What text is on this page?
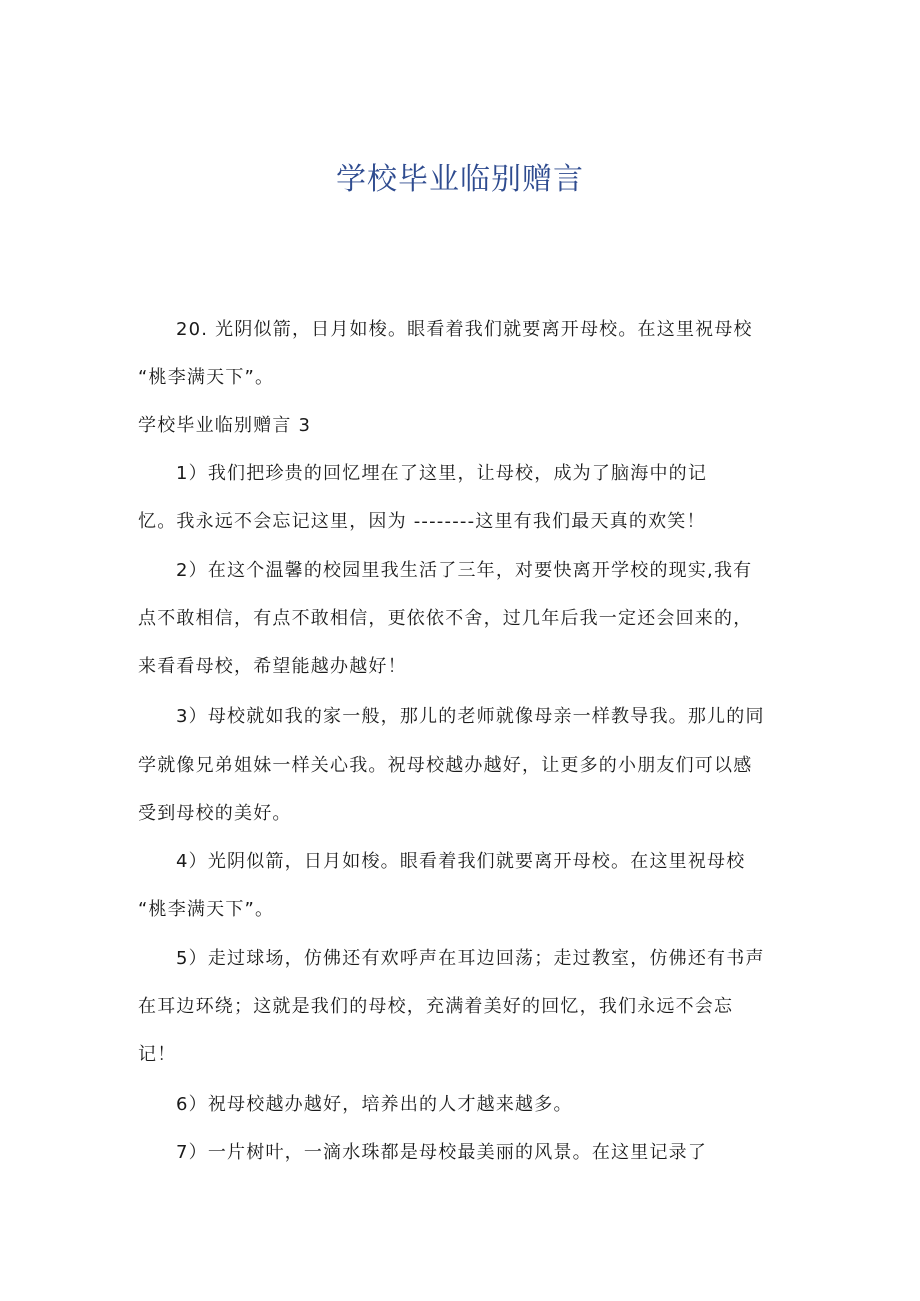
学校毕业临别赠言
20. 光阴似箭，日月如梭。眼看着我们就要离开母校。在这里祝母校
“桃李满天下”。
学校毕业临别赠言 3
1）我们把珍贵的回忆埋在了这里，让母校，成为了脑海中的记
忆。我永远不会忘记这里，因为 --------这里有我们最天真的欢笑！
2）在这个温馨的校园里我生活了三年，对要快离开学校的现实,我有
点不敢相信，有点不敢相信，更依依不舍，过几年后我一定还会回来的，
来看看母校，希望能越办越好！
3）母校就如我的家一般，那儿的老师就像母亲一样教导我。那儿的同
学就像兄弟姐妹一样关心我。祝母校越办越好，让更多的小朋友们可以感
受到母校的美好。
4）光阴似箭，日月如梭。眼看着我们就要离开母校。在这里祝母校
“桃李满天下”。
5）走过球场，仿佛还有欢呼声在耳边回荡；走过教室，仿佛还有书声
在耳边环绕；这就是我们的母校，充满着美好的回忆，我们永远不会忘
记！
6）祝母校越办越好，培养出的人才越来越多。
7）一片树叶，一滴水珠都是母校最美丽的风景。在这里记录了
